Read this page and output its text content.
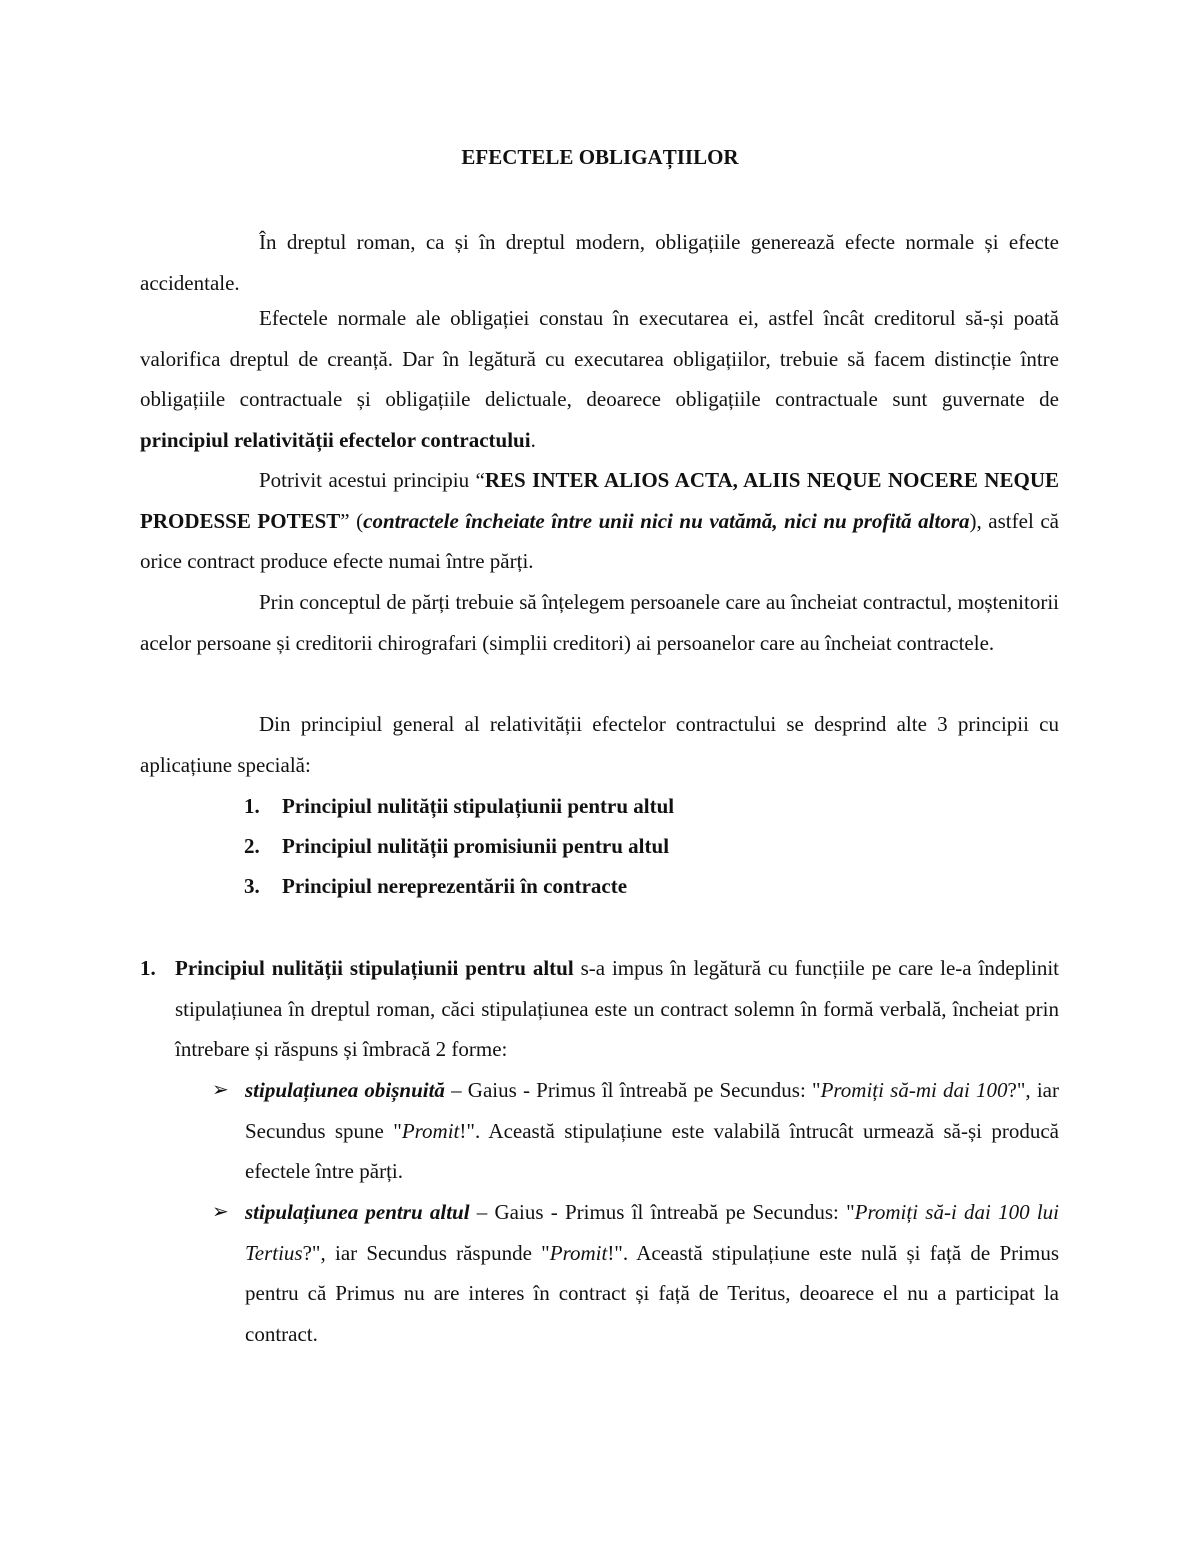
EFECTELE OBLIGAȚIILOR
În dreptul roman, ca și în dreptul modern, obligațiile generează efecte normale și efecte accidentale.
Efectele normale ale obligației constau în executarea ei, astfel încât creditorul să-și poată valorifica dreptul de creanță. Dar în legătură cu executarea obligațiilor, trebuie să facem distincție între obligațiile contractuale și obligațiile delictuale, deoarece obligațiile contractuale sunt guvernate de principiul relativității efectelor contractului.
Potrivit acestui principiu “RES INTER ALIOS ACTA, ALIIS NEQUE NOCERE NEQUE PRODESSE POTEST” (contractele încheiate între unii nici nu vatămă, nici nu profită altora), astfel că orice contract produce efecte numai între părți.
Prin conceptul de părți trebuie să înțelegem persoanele care au încheiat contractul, moștenitorii acelor persoane și creditorii chirografari (simplii creditori) ai persoanelor care au încheiat contractele.
Din principiul general al relativității efectelor contractului se desprind alte 3 principii cu aplicațiune specială:
1. Principiul nulității stipulațiunii pentru altul
2. Principiul nulității promisiunii pentru altul
3. Principiul nereprezentării în contracte
1. Principiul nulității stipulațiunii pentru altul s-a impus în legătură cu funcțiile pe care le-a îndeplinit stipulațiunea în dreptul roman, căci stipulațiunea este un contract solemn în formă verbală, încheiat prin întrebare și răspuns și îmbracă 2 forme:
➢ stipulațiunea obișnuită – Gaius - Primus îl întreabă pe Secundus: "Promiți să-mi dai 100?", iar Secundus spune "Promit!". Această stipulațiune este valabilă întrucât urmează să-și producă efectele între părți.
➢ stipulațiunea pentru altul – Gaius - Primus îl întreabă pe Secundus: "Promiți să-i dai 100 lui Tertius?", iar Secundus răspunde "Promit!". Această stipulațiune este nulă și față de Primus pentru că Primus nu are interes în contract și față de Teritus, deoarece el nu a participat la contract.
